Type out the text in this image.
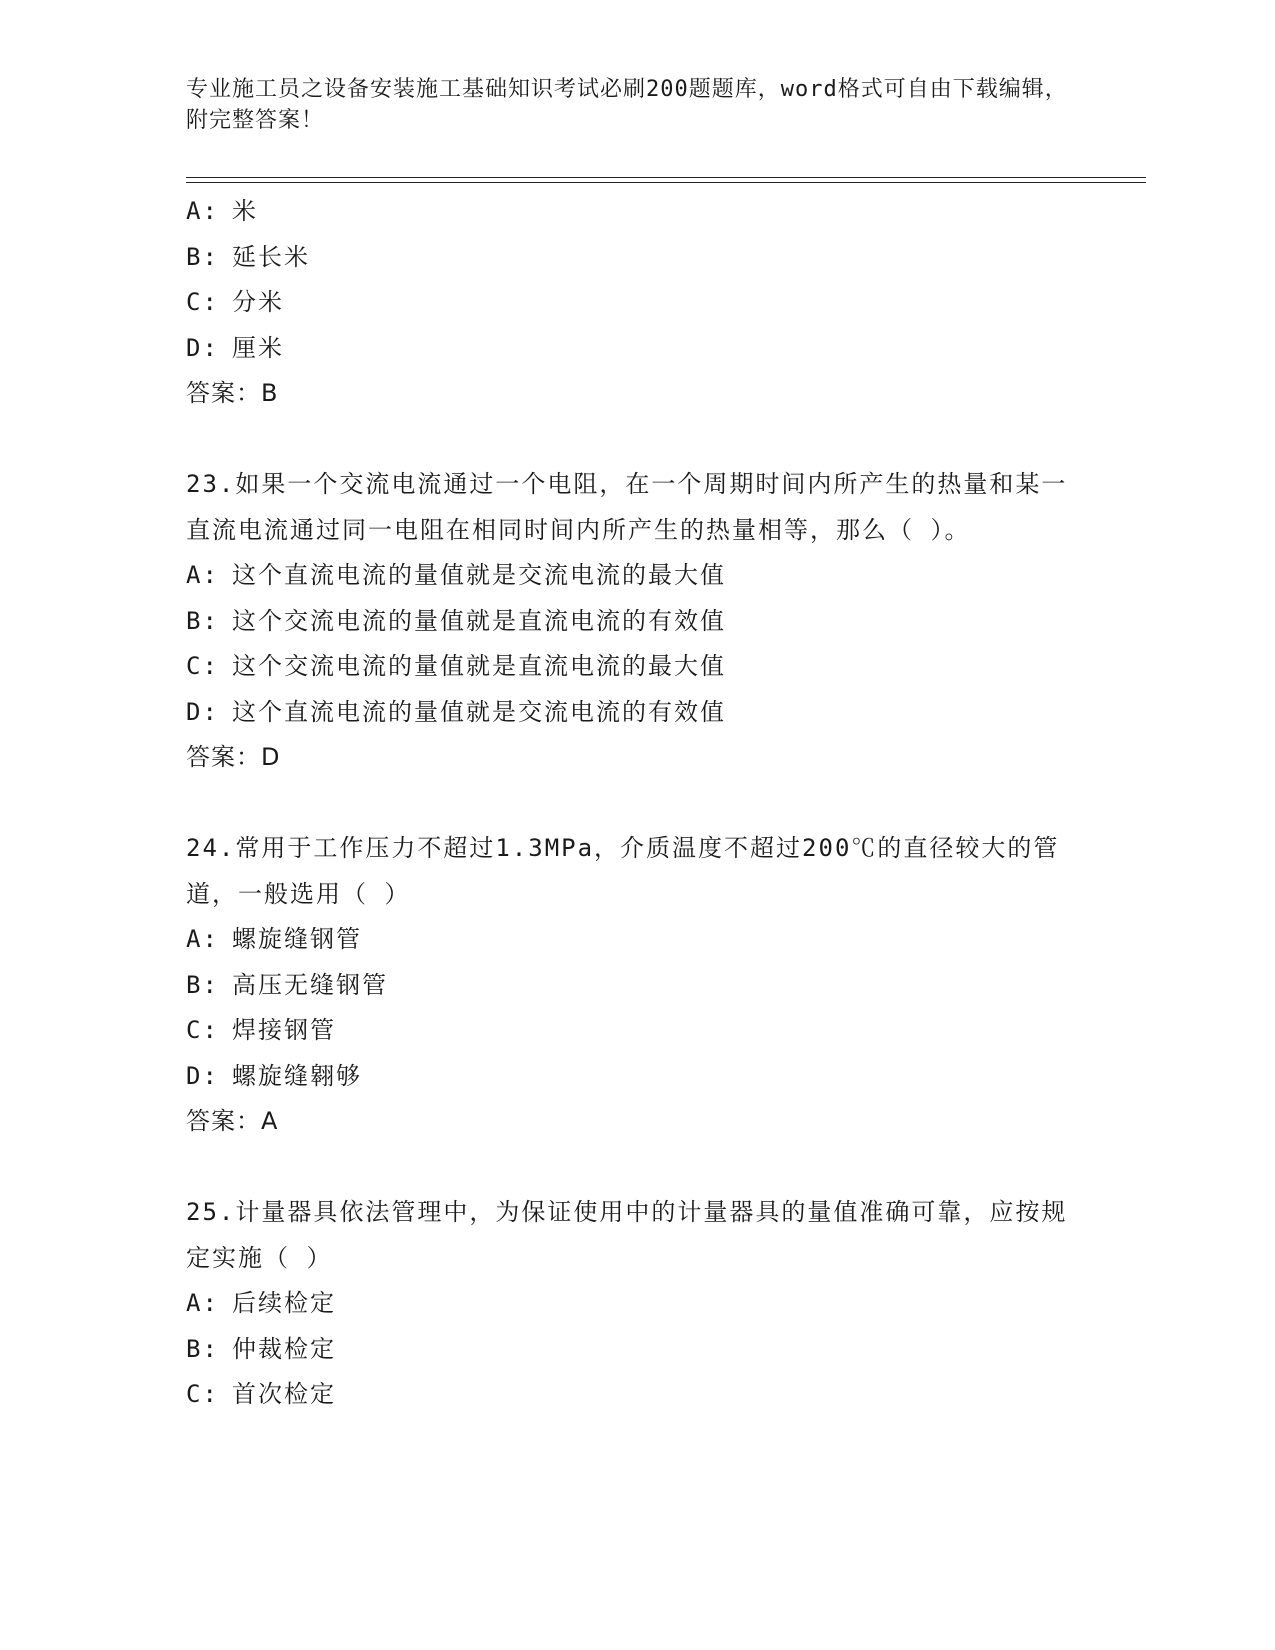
专业施工员之设备安装施工基础知识考试必刷200题题库，word格式可自由下载编辑，附完整答案！
A: 米
B: 延长米
C: 分米
D: 厘米
答案：B
23.如果一个交流电流通过一个电阻，在一个周期时间内所产生的热量和某一直流电流通过同一电阻在相同时间内所产生的热量相等，那么（ ）。
A: 这个直流电流的量值就是交流电流的最大值
B: 这个交流电流的量值就是直流电流的有效值
C: 这个交流电流的量值就是直流电流的最大值
D: 这个直流电流的量值就是交流电流的有效值
答案：D
24.常用于工作压力不超过1.3MPa，介质温度不超过200℃的直径较大的管道，一般选用（ ）
A: 螺旋缝钢管
B: 高压无缝钢管
C: 焊接钢管
D: 螺旋缝翱够
答案：A
25.计量器具依法管理中，为保证使用中的计量器具的量值准确可靠，应按规定实施（ ）
A: 后续检定
B: 仲裁检定
C: 首次检定
